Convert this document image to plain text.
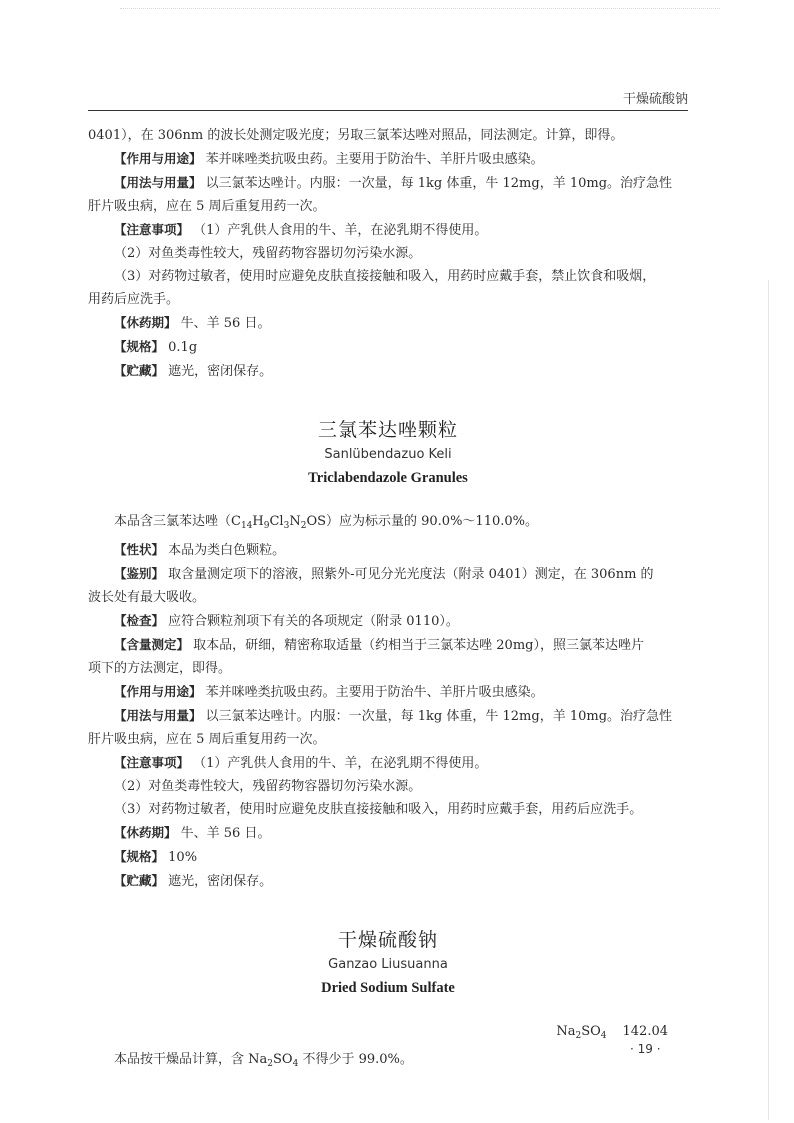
干燥硫酸钠

0401），在 306nm 的波长处测定吸光度；另取三氯苯达唑对照品，同法测定。计算，即得。

【作用与用途】 苯并咪唑类抗吸虫药。主要用于防治牛、羊肝片吸虫感染。

【用法与用量】 以三氯苯达唑计。内服：一次量，每 1kg 体重，牛 12mg，羊 10mg。治疗急性

肝片吸虫病，应在 5 周后重复用药一次。

【注意事项】 （1）产乳供人食用的牛、羊，在泌乳期不得使用。

（2）对鱼类毒性较大，残留药物容器切勿污染水源。

（3）对药物过敏者，使用时应避免皮肤直接接触和吸入，用药时应戴手套，禁止饮食和吸烟，

用药后应洗手。

【休药期】 牛、羊 56 日。

【规格】 0.1g

【贮藏】 遮光，密闭保存。

三氯苯达唑颗粒
Sanlübendazuo Keli
Triclabendazole Granules

本品含三氯苯达唑$(C_{14}H_9Cl_3N_2OS)$应为标示量的 90.0%～110.0%。

【性状】 本品为类白色颗粒。

【鉴别】 取含量测定项下的溶液，照紫外-可见分光光度法（附录 0401）测定，在 306nm 的

波长处有最大吸收。

【检查】 应符合颗粒剂项下有关的各项规定（附录 0110）。

【含量测定】 取本品，研细，精密称取适量（约相当于三氯苯达唑 20mg），照三氯苯达唑片

项下的方法测定，即得。

【作用与用途】 苯并咪唑类抗吸虫药。主要用于防治牛、羊肝片吸虫感染。

【用法与用量】 以三氯苯达唑计。内服：一次量，每 1kg 体重，牛 12mg，羊 10mg。治疗急性

肝片吸虫病，应在 5 周后重复用药一次。

【注意事项】 （1）产乳供人食用的牛、羊，在泌乳期不得使用。

（2）对鱼类毒性较大，残留药物容器切勿污染水源。

（3）对药物过敏者，使用时应避免皮肤直接接触和吸入，用药时应戴手套，用药后应洗手。

【休药期】 牛、羊 56 日。

【规格】 10%

【贮藏】 遮光，密闭保存。

干燥硫酸钠
Ganzao Liusuanna
Dried Sodium Sulfate

$Na_2SO_4$ 142.04

本品按干燥品计算，含 $Na_2SO_4$ 不得少于 99.0%。

· 19 ·
